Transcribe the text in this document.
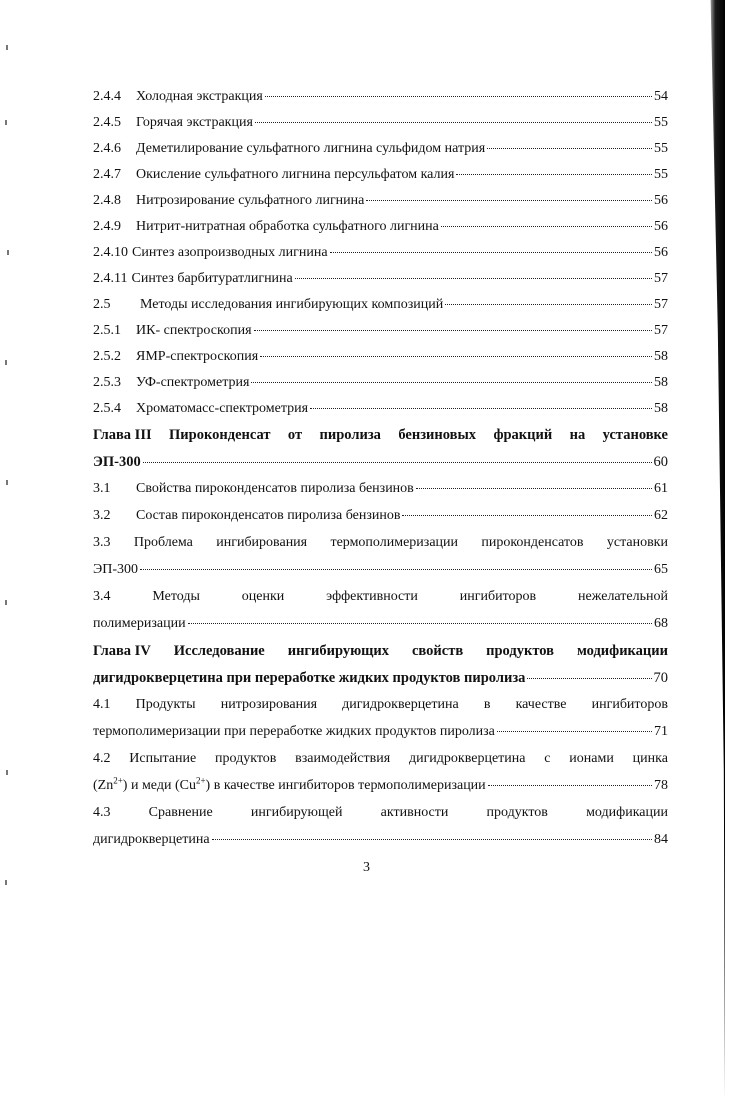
2.4.4	Холодная экстракция	54
2.4.5	Горячая экстракция	55
2.4.6	Деметилирование сульфатного лигнина сульфидом натрия	55
2.4.7	Окисление сульфатного лигнина персульфатом калия	55
2.4.8	Нитрозирование сульфатного лигнина	56
2.4.9	Нитрит-нитратная обработка сульфатного лигнина	56
2.4.10 Синтез азопроизводных лигнина	56
2.4.11 Синтез барбитуратлигнина	57
2.5	Методы исследования ингибирующих композиций	57
2.5.1	ИК- спектроскопия	57
2.5.2	ЯМР-спектроскопия	58
2.5.3	УФ-спектрометрия	58
2.5.4	Хроматомасс-спектрометрия	58
Глава III Пироконденсат от пиролиза бензиновых фракций на установке
ЭП-300	60
3.1	Свойства пироконденсатов пиролиза бензинов	61
3.2	Состав пироконденсатов пиролиза бензинов	62
3.3 Проблема ингибирования термополимеризации пироконденсатов установки
ЭП-300	65
3.4	Методы	оценки	эффективности	ингибиторов	нежелательной
полимеризации	68
Глава IV Исследование ингибирующих свойств продуктов модификации
дигидрокверцетина при переработке жидких продуктов пиролиза	70
4.1 Продукты нитрозирования дигидрокверцетина в качестве ингибиторов
термополимеризации при переработке жидких продуктов пиролиза	71
4.2 Испытание продуктов взаимодействия дигидрокверцетина с ионами цинка
$(Zn^{2+})$ и меди $(Cu^{2+})$ в качестве ингибиторов термополимеризации	78
4.3	Сравнение	ингибирующей	активности	продуктов	модификации
дигидрокверцетина	84
3
